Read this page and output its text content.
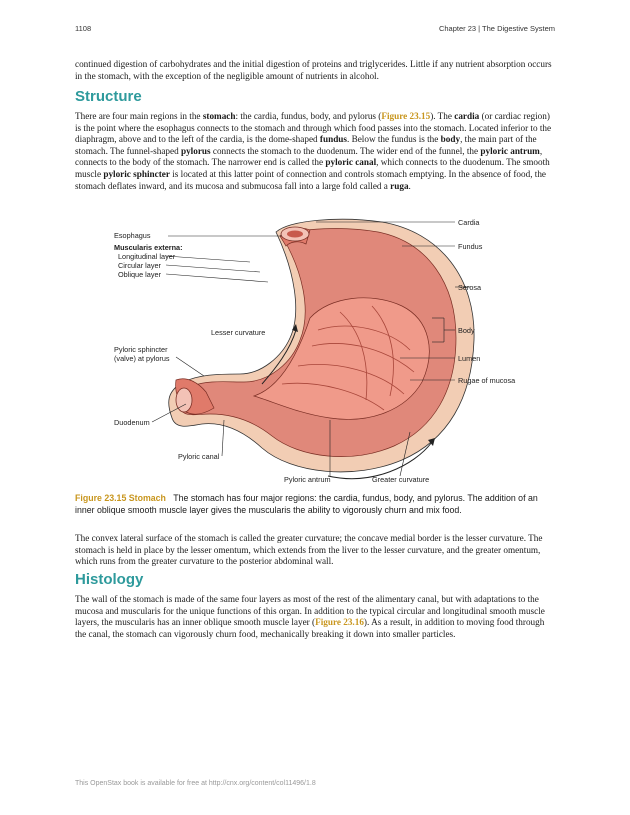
1108	Chapter 23 | The Digestive System

continued digestion of carbohydrates and the initial digestion of proteins and triglycerides. Little if any nutrient absorption occurs in the stomach, with the exception of the negligible amount of nutrients in alcohol.

Structure

There are four main regions in the stomach: the cardia, fundus, body, and pylorus (Figure 23.15). The cardia (or cardiac region) is the point where the esophagus connects to the stomach and through which food passes into the stomach. Located inferior to the diaphragm, above and to the left of the cardia, is the dome-shaped fundus. Below the fundus is the body, the main part of the stomach. The funnel-shaped pylorus connects the stomach to the duodenum. The wider end of the funnel, the pyloric antrum, connects to the body of the stomach. The narrower end is called the pyloric canal, which connects to the duodenum. The smooth muscle pyloric sphincter is located at this latter point of connection and controls stomach emptying. In the absence of food, the stomach deflates inward, and its mucosa and submucosa fall into a large fold called a ruga.

Esophagus
Muscularis externa:
Longitudinal layer
Circular layer
Oblique layer
Lesser curvature
Pyloric sphincter
(valve) at pylorus
Duodenum
Pyloric canal
Pyloric antrum	Greater curvature
Cardia
Fundus
Serosa
Body
Lumen
Rugae of mucosa

Figure 23.15 Stomach The stomach has four major regions: the cardia, fundus, body, and pylorus. The addition of an inner oblique smooth muscle layer gives the muscularis the ability to vigorously churn and mix food.

The convex lateral surface of the stomach is called the greater curvature; the concave medial border is the lesser curvature. The stomach is held in place by the lesser omentum, which extends from the liver to the lesser curvature, and the greater omentum, which runs from the greater curvature to the posterior abdominal wall.

Histology

The wall of the stomach is made of the same four layers as most of the rest of the alimentary canal, but with adaptations to the mucosa and muscularis for the unique functions of this organ. In addition to the typical circular and longitudinal smooth muscle layers, the muscularis has an inner oblique smooth muscle layer (Figure 23.16). As a result, in addition to moving food through the canal, the stomach can vigorously churn food, mechanically breaking it down into smaller particles.

This OpenStax book is available for free at http://cnx.org/content/col11496/1.8
